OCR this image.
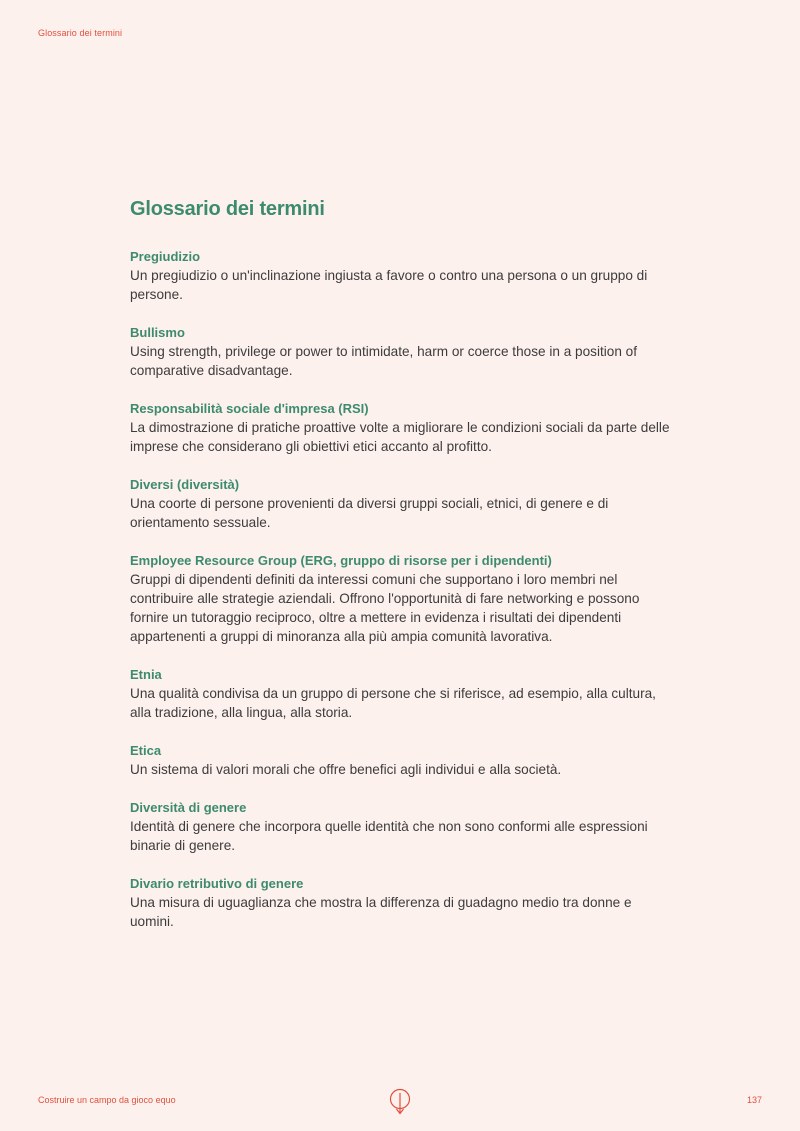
Glossario dei termini
Glossario dei termini
Pregiudizio
Un pregiudizio o un'inclinazione ingiusta a favore o contro una persona o un gruppo di persone.
Bullismo
Using strength, privilege or power to intimidate, harm or coerce those in a position of comparative disadvantage.
Responsabilità sociale d'impresa (RSI)
La dimostrazione di pratiche proattive volte a migliorare le condizioni sociali da parte delle imprese che considerano gli obiettivi etici accanto al profitto.
Diversi (diversità)
Una coorte di persone provenienti da diversi gruppi sociali, etnici, di genere e di orientamento sessuale.
Employee Resource Group (ERG, gruppo di risorse per i dipendenti)
Gruppi di dipendenti definiti da interessi comuni che supportano i loro membri nel contribuire alle strategie aziendali. Offrono l'opportunità di fare networking e possono fornire un tutoraggio reciproco, oltre a mettere in evidenza i risultati dei dipendenti appartenenti a gruppi di minoranza alla più ampia comunità lavorativa.
Etnia
Una qualità condivisa da un gruppo di persone che si riferisce, ad esempio, alla cultura, alla tradizione, alla lingua, alla storia.
Etica
Un sistema di valori morali che offre benefici agli individui e alla società.
Diversità di genere
Identità di genere che incorpora quelle identità che non sono conformi alle espressioni binarie di genere.
Divario retributivo di genere
Una misura di uguaglianza che mostra la differenza di guadagno medio tra donne e uomini.
Costruire un campo da gioco equo	137
